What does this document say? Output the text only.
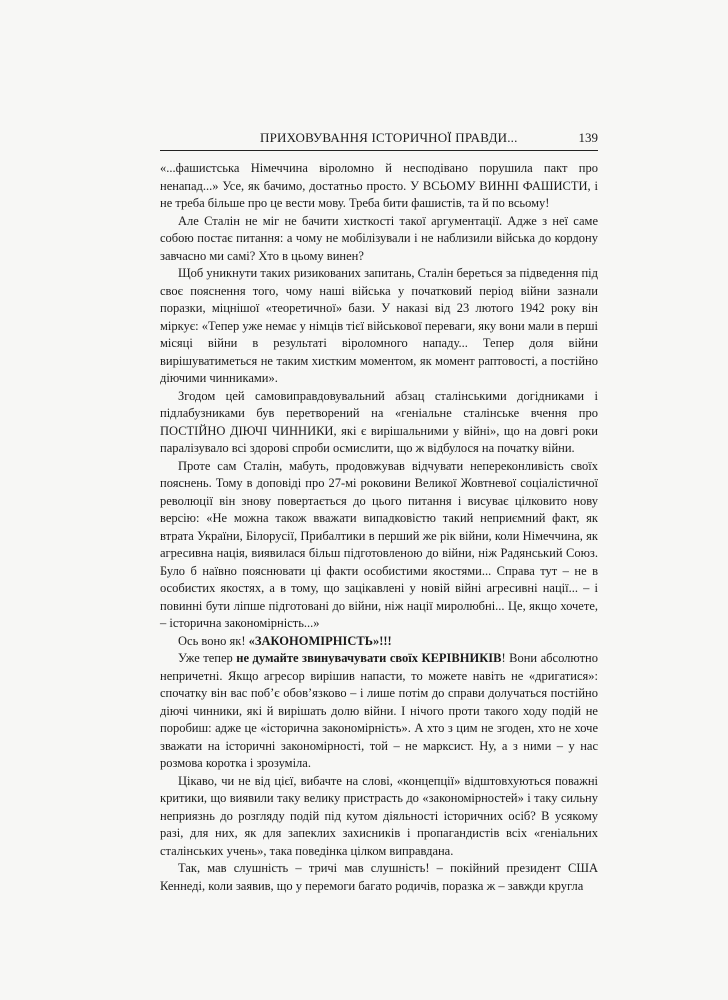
ПРИХОВУВАННЯ ІСТОРИЧНОЇ ПРАВДИ...	139

«...фашистська Німеччина віроломно й несподівано порушила пакт про ненапад...» Усе, як бачимо, достатньо просто. У ВСЬОМУ ВИННІ ФАШИСТИ, і не треба більше про це вести мову. Треба бити фашистів, та й по всьому!

Але Сталін не міг не бачити хисткості такої аргументації. Адже з неї саме собою постає питання: а чому не мобілізували і не наблизили війська до кордону завчасно ми самі? Хто в цьому винен?

Щоб уникнути таких ризикованих запитань, Сталін береться за підведення під своє пояснення того, чому наші війська у початковий період війни зазнали поразки, міцнішої «теоретичної» бази. У наказі від 23 лютого 1942 року він міркує: «Тепер уже немає у німців тієї військової переваги, яку вони мали в перші місяці війни в результаті віроломного нападу... Тепер доля війни вирішуватиметься не таким хистким моментом, як момент раптовості, а постійно діючими чинниками».

Згодом цей самовиправдовувальний абзац сталінськими догідниками і підлабузниками був перетворений на «геніальне сталінське вчення про ПОСТІЙНО ДІЮЧІ ЧИННИКИ, які є вирішальними у війні», що на довгі роки паралізувало всі здорові спроби осмислити, що ж відбулося на початку війни.

Проте сам Сталін, мабуть, продовжував відчувати непереконливість своїх пояснень. Тому в доповіді про 27-мі роковини Великої Жовтневої соціалістичної революції він знову повертається до цього питання і висуває цілковито нову версію: «Не можна також вважати випадковістю такий неприємний факт, як втрата України, Білорусії, Прибалтики в перший же рік війни, коли Німеччина, як агресивна нація, виявилася більш підготовленою до війни, ніж Радянський Союз. Було б наївно пояснювати ці факти особистими якостями... Справа тут – не в особистих якостях, а в тому, що зацікавлені у новій війні агресивні нації... – і повинні бути ліпше підготовані до війни, ніж нації миролюбні... Це, якщо хочете, – історична закономірність...»

Ось воно як! «ЗАКОНОМІРНІСТЬ»!!!

Уже тепер не думайте звинувачувати своїх КЕРІВНИКІВ! Вони абсолютно непричетні. Якщо агресор вирішив напасти, то можете навіть не «дригатися»: спочатку він вас поб’є обов’язково – і лише потім до справи долучаться постійно діючі чинники, які й вирішать долю війни. І нічого проти такого ходу подій не поробиш: адже це «історична закономірність». А хто з цим не згоден, хто не хоче зважати на історичні закономірності, той – не марксист. Ну, а з ними – у нас розмова коротка і зрозуміла.

Цікаво, чи не від цієї, вибачте на слові, «концепції» відштовхуються поважні критики, що виявили таку велику пристрасть до «закономірностей» і таку сильну неприязнь до розгляду подій під кутом діяльності історичних осіб? В усякому разі, для них, як для запеклих захисників і пропагандистів всіх «геніальних сталінських учень», така поведінка цілком виправдана.

Так, мав слушність – тричі мав слушність! – покійний президент США Кеннеді, коли заявив, що у перемоги багато родичів, поразка ж – завжди кругла
